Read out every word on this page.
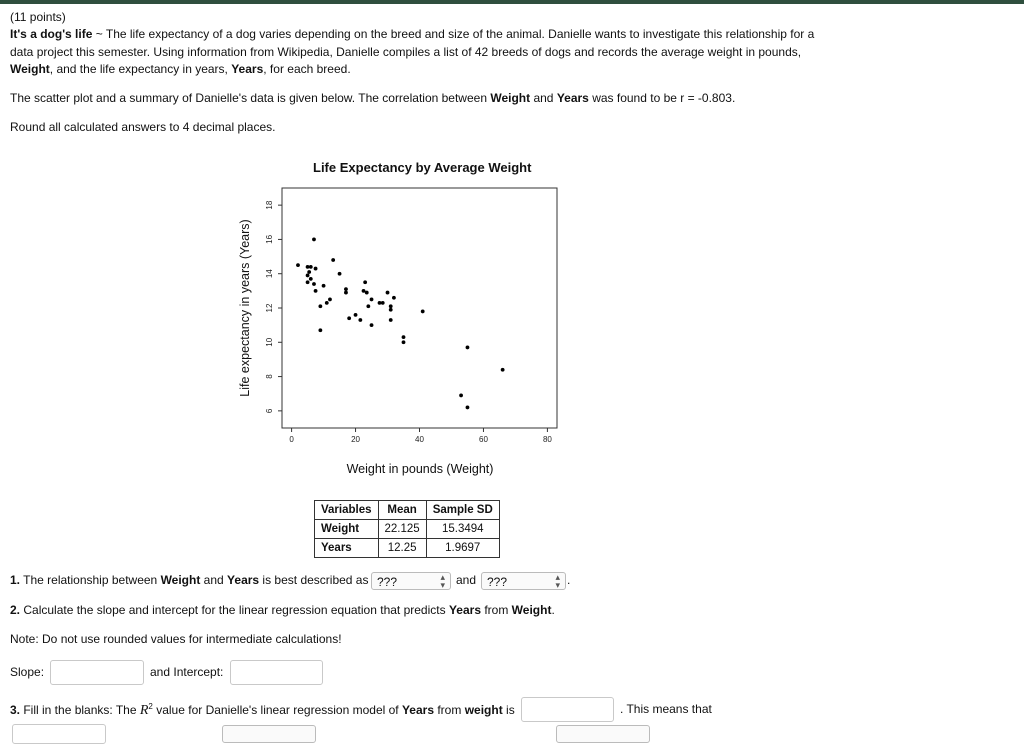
(11 points)
It's a dog's life ~ The life expectancy of a dog varies depending on the breed and size of the animal. Danielle wants to investigate this relationship for a
data project this semester. Using information from Wikipedia, Danielle compiles a list of 42 breeds of dogs and records the average weight in pounds,
Weight, and the life expectancy in years, Years, for each breed.
The scatter plot and a summary of Danielle's data is given below. The correlation between Weight and Years was found to be r = -0.803.
Round all calculated answers to 4 decimal places.
Life Expectancy by Average Weight
0	20	40	60	80
6
8
10
12
14
16
18
Weight in pounds (Weight)
Life expectancy in years (Years)
Variables	Mean	Sample SD
Weight	22.125	15.3494
Years	12.25	1.9697
1. The relationship between Weight and Years is best described as ???	▴
▾ and ???	▴
▾ .
2. Calculate the slope and intercept for the linear regression equation that predicts Years from Weight.
Note: Do not use rounded values for intermediate calculations!
Slope:	and Intercept:
3. Fill in the blanks: The $R^2$ value for Danielle's linear regression model of Years from weight is	. This means that
